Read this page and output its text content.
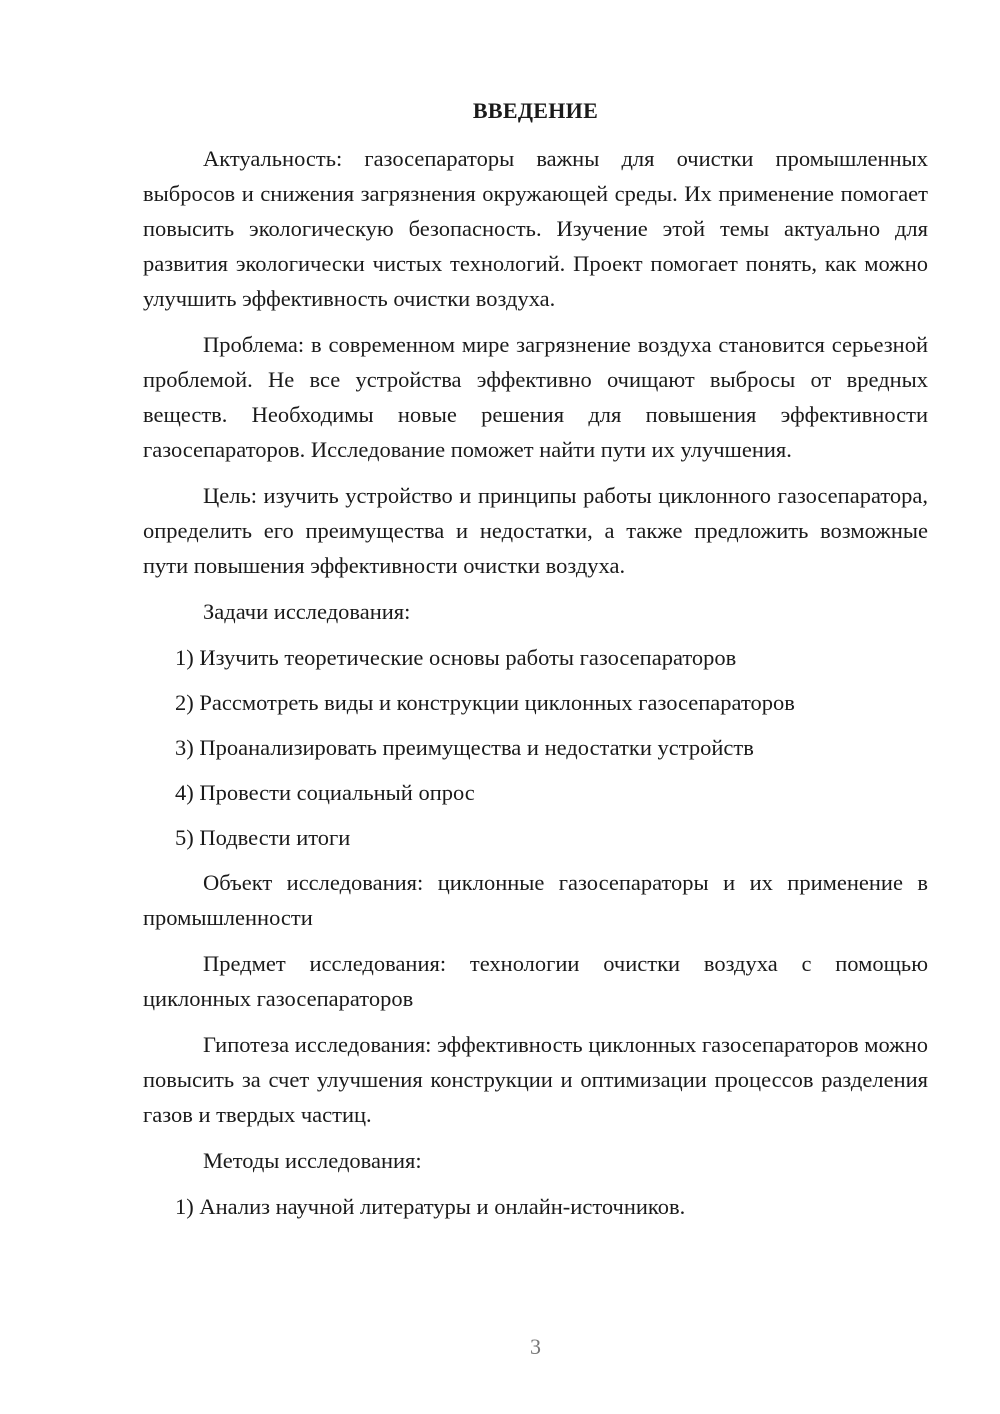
ВВЕДЕНИЕ

Актуальность: газосепараторы важны для очистки промышленных выбросов и снижения загрязнения окружающей среды. Их применение помогает повысить экологическую безопасность. Изучение этой темы актуально для развития экологически чистых технологий. Проект помогает понять, как можно улучшить эффективность очистки воздуха.

Проблема: в современном мире загрязнение воздуха становится серьезной проблемой. Не все устройства эффективно очищают выбросы от вредных веществ. Необходимы новые решения для повышения эффективности газосепараторов. Исследование поможет найти пути их улучшения.

Цель: изучить устройство и принципы работы циклонного газосепаратора, определить его преимущества и недостатки, а также предложить возможные пути повышения эффективности очистки воздуха.

Задачи исследования:

1) Изучить теоретические основы работы газосепараторов

2) Рассмотреть виды и конструкции циклонных газосепараторов

3) Проанализировать преимущества и недостатки устройств

4) Провести социальный опрос

5) Подвести итоги

Объект исследования: циклонные газосепараторы и их применение в промышленности

Предмет исследования: технологии очистки воздуха с помощью циклонных газосепараторов

Гипотеза исследования: эффективность циклонных газосепараторов можно повысить за счет улучшения конструкции и оптимизации процессов разделения газов и твердых частиц.

Методы исследования:

1) Анализ научной литературы и онлайн-источников.

3
